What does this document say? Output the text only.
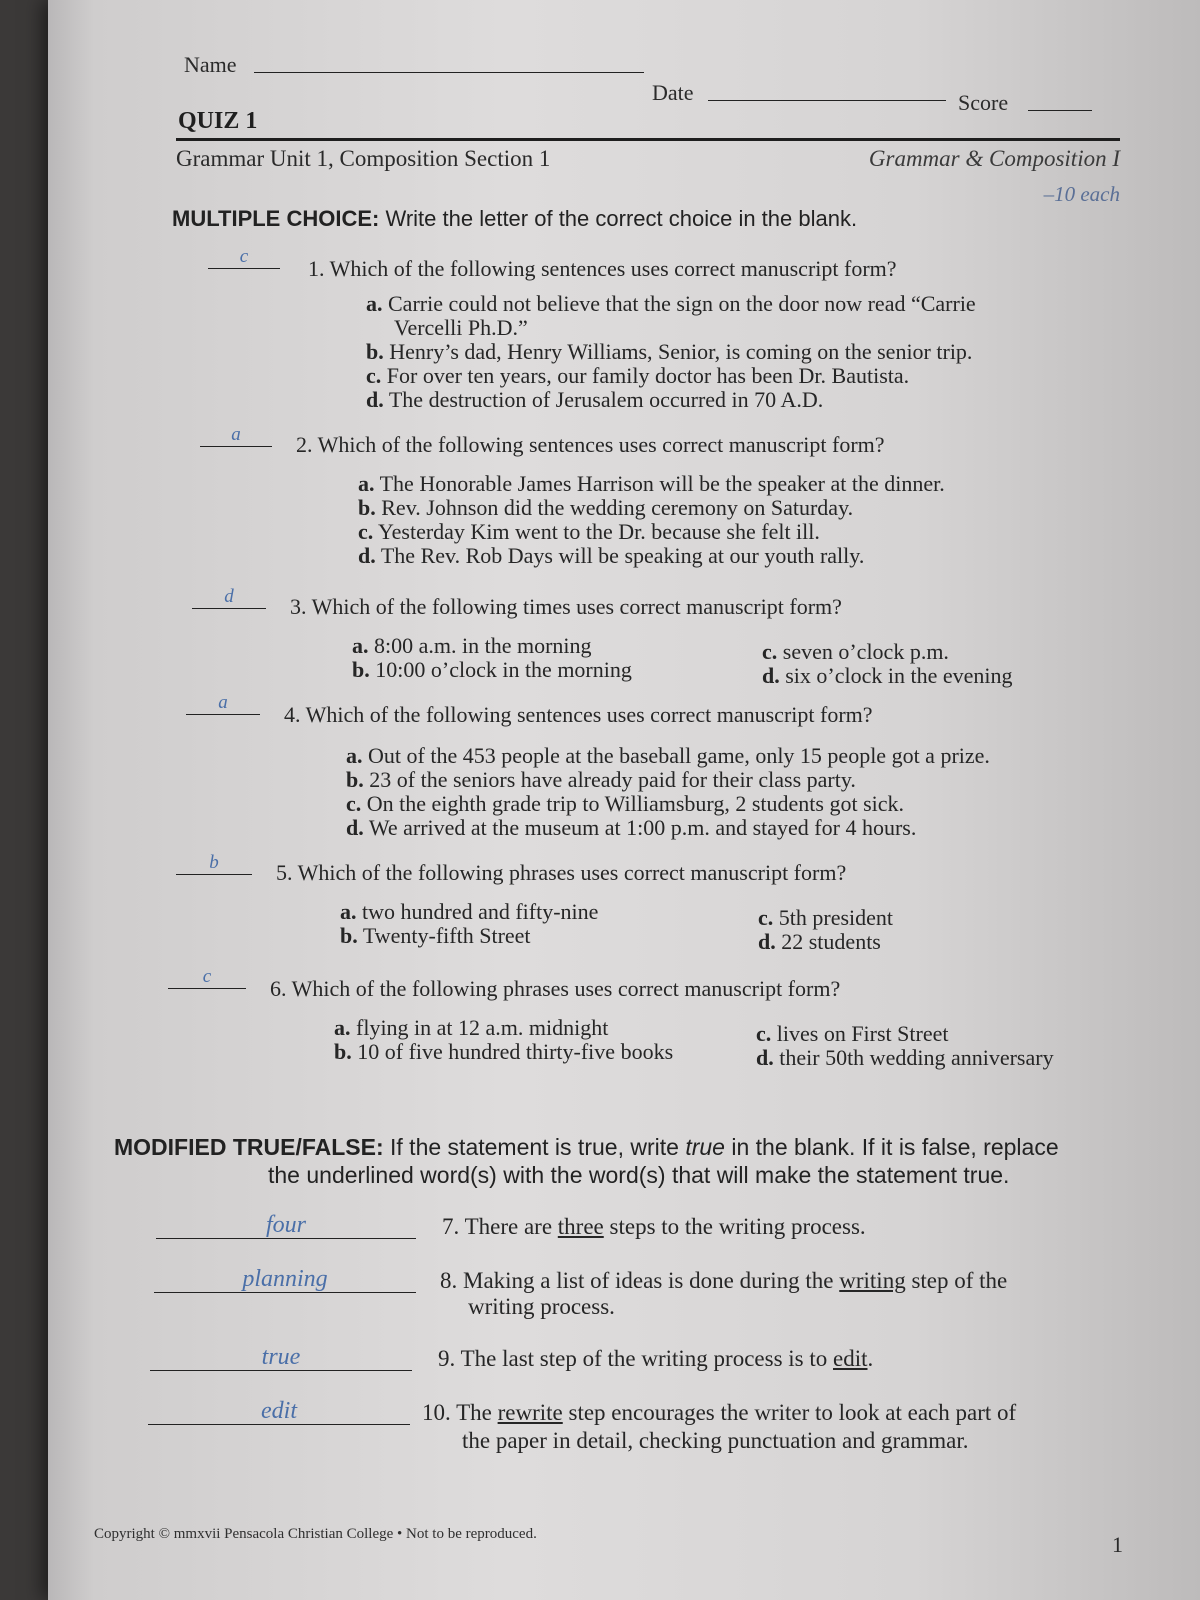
Name
Date	Score
QUIZ 1
Grammar Unit 1, Composition Section 1	Grammar & Composition I
–10 each
MULTIPLE CHOICE: Write the letter of the correct choice in the blank.
c	1. Which of the following sentences uses correct manuscript form?
a. Carrie could not believe that the sign on the door now read “Carrie
Vercelli Ph.D.”
b. Henry’s dad, Henry Williams, Senior, is coming on the senior trip.
c. For over ten years, our family doctor has been Dr. Bautista.
d. The destruction of Jerusalem occurred in 70 A.D.
a	2. Which of the following sentences uses correct manuscript form?
a. The Honorable James Harrison will be the speaker at the dinner.
b. Rev. Johnson did the wedding ceremony on Saturday.
c. Yesterday Kim went to the Dr. because she felt ill.
d. The Rev. Rob Days will be speaking at our youth rally.
d	3. Which of the following times uses correct manuscript form?
a. 8:00 a.m. in the morning
b. 10:00 o’clock in the morning
c. seven o’clock p.m.
d. six o’clock in the evening
a	4. Which of the following sentences uses correct manuscript form?
a. Out of the 453 people at the baseball game, only 15 people got a prize.
b. 23 of the seniors have already paid for their class party.
c. On the eighth grade trip to Williamsburg, 2 students got sick.
d. We arrived at the museum at 1:00 p.m. and stayed for 4 hours.
b	5. Which of the following phrases uses correct manuscript form?
a. two hundred and fifty-nine
b. Twenty-fifth Street
c. 5th president
d. 22 students
c	6. Which of the following phrases uses correct manuscript form?
a. flying in at 12 a.m. midnight
b. 10 of five hundred thirty-five books
c. lives on First Street
d. their 50th wedding anniversary
MODIFIED TRUE/FALSE: If the statement is true, write true in the blank. If it is false, replace
the underlined word(s) with the word(s) that will make the statement true.
four	7. There are three steps to the writing process.
planning	8. Making a list of ideas is done during the writing step of the
writing process.
true	9. The last step of the writing process is to edit.
edit	10. The rewrite step encourages the writer to look at each part of
the paper in detail, checking punctuation and grammar.
Copyright © mmxvii Pensacola Christian College • Not to be reproduced.	1
